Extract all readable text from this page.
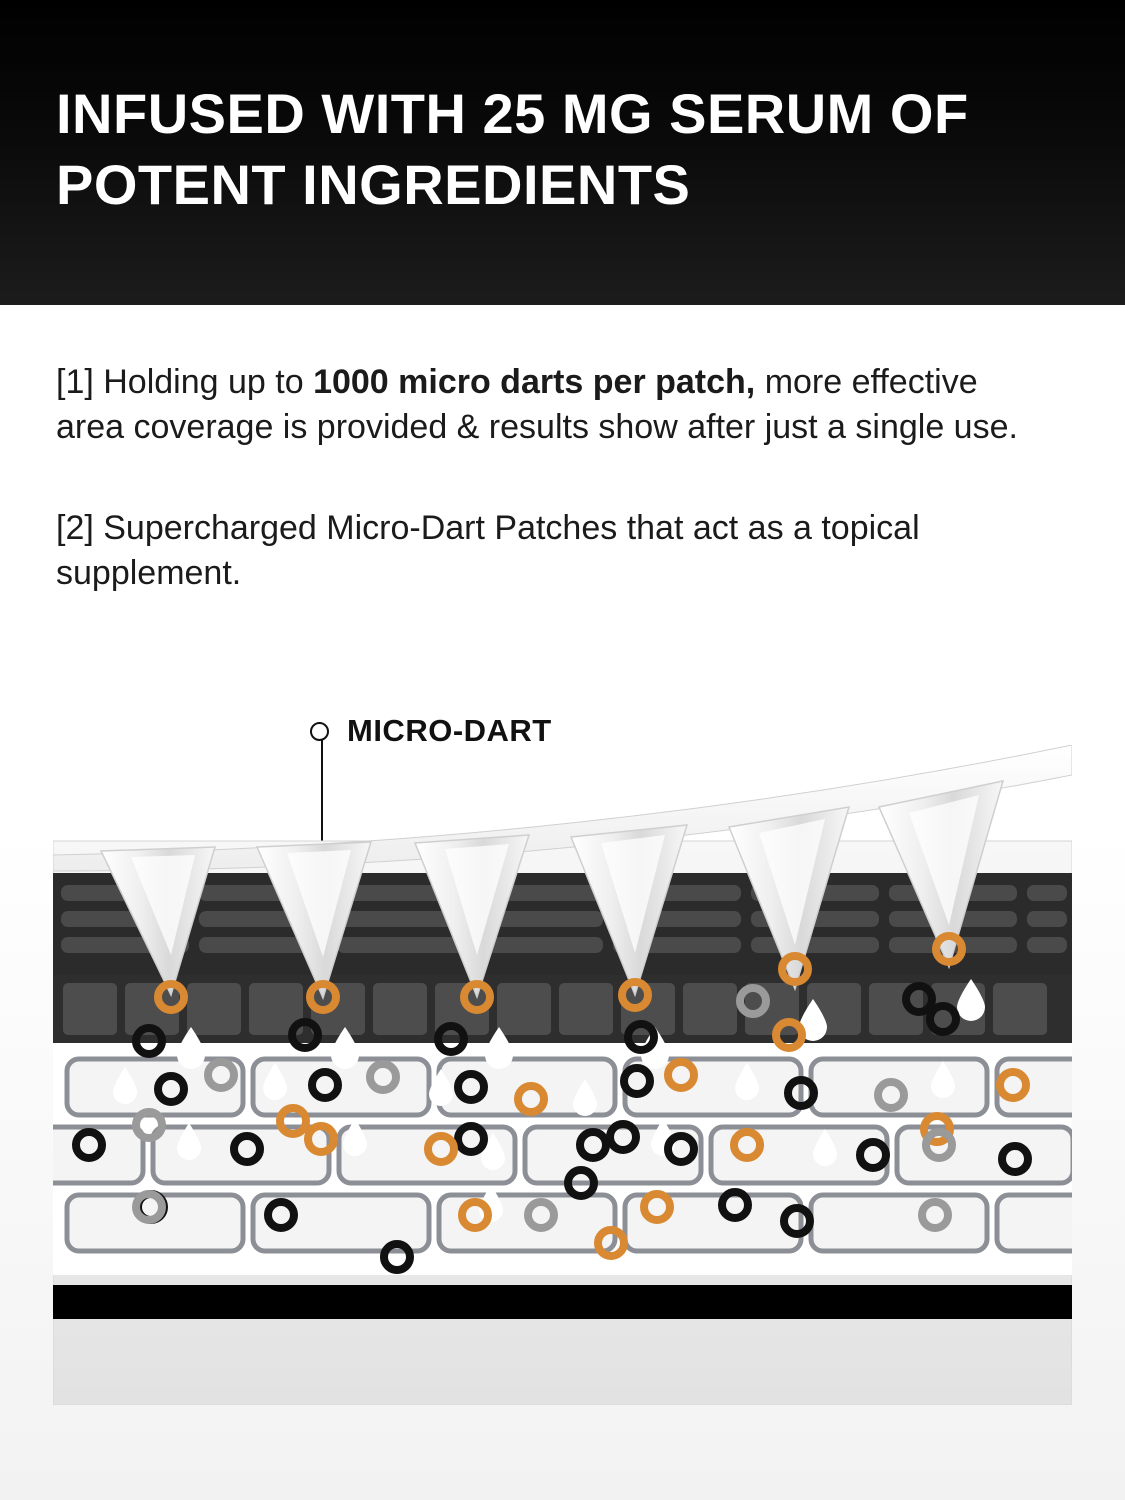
INFUSED WITH 25 MG SERUM OF POTENT INGREDIENTS

[1] Holding up to 1000 micro darts per patch, more effective area coverage is provided & results show after just a single use.

[2] Supercharged Micro-Dart Patches that act as a topical supplement.

MICRO-DART
